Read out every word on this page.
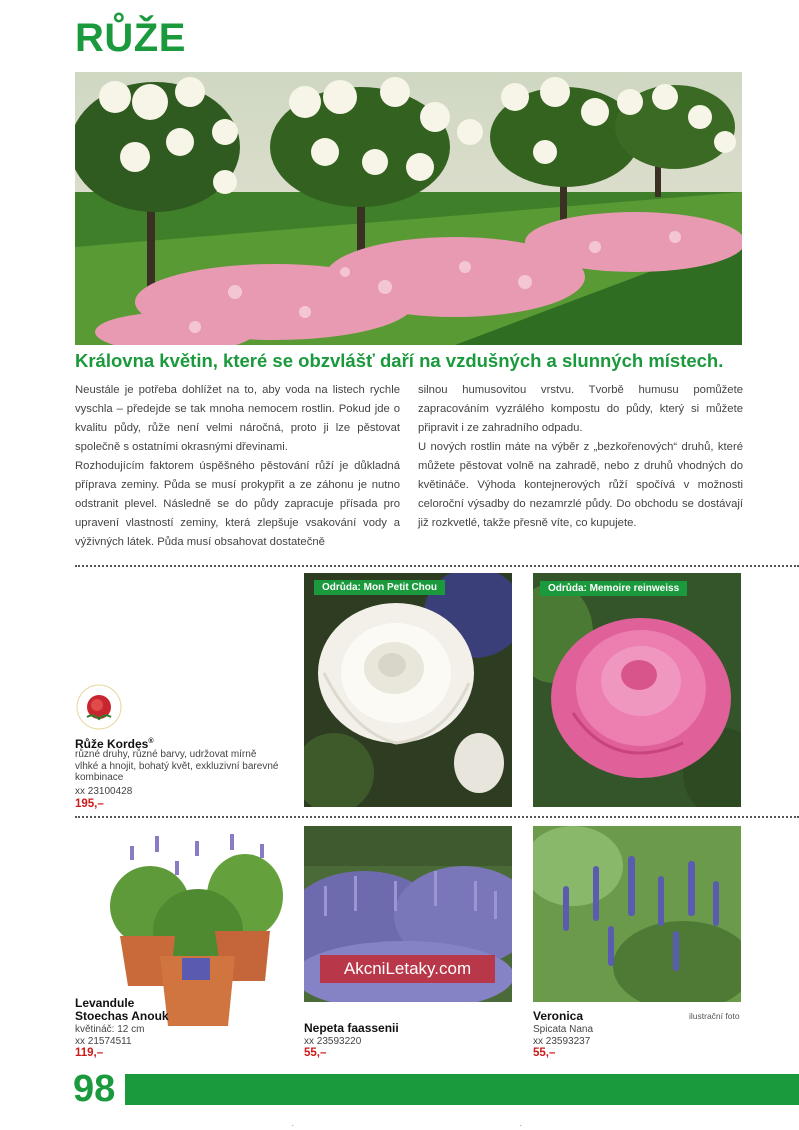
RŮŽE
Královna květin, které se obzvlášť daří na vzdušných a slunných místech.

Neustále je potřeba dohlížet na to, aby voda na listech rychle vyschla – předejde se tak mnoha nemocem rostlin. Pokud jde o kvalitu půdy, růže není velmi náročná, proto ji lze pěstovat společně s ostatními okrasnými dřevinami.

Rozhodujícím faktorem úspěšného pěstování růží je důkladná příprava zeminy. Půda se musí prokypřit a ze záhonu je nutno odstranit plevel. Následně se do půdy zapracuje přísada pro upravení vlastností zeminy, která zlepšuje vsakování vody a výživných látek. Půda musí obsahovat dostatečně

silnou humusovitou vrstvu. Tvorbě humusu pomůžete zapracováním vyzrálého kompostu do půdy, který si můžete připravit i ze zahradního odpadu.

U nových rostlin máte na výběr z „bezkořenových“ druhů, které můžete pěstovat volně na zahradě, nebo z druhů vhodných do květináče. Výhoda kontejnerových růží spočívá v možnosti celoroční výsadby do nezamrzlé půdy. Do obchodu se dostávají již rozkvetlé, takže přesně víte, co kupujete.

Růže Kordes®
různé druhy, různé barvy, udržovat mírně vlhké a hnojit, bohatý květ, exkluzivní barevné kombinace
xx 23100428
195,–
Odrůda: Mon Petit Chou	Odrůda: Memoire reinweiss
Levandule
Stoechas Anouk
květináč: 12 cm
xx 21574511
119,–
AkcniLetaky.com
Nepeta faassenii
xx 23593220
55,–
ilustrační foto
Veronica
Spicata Nana
xx 23593237
55,–
98
.	.
